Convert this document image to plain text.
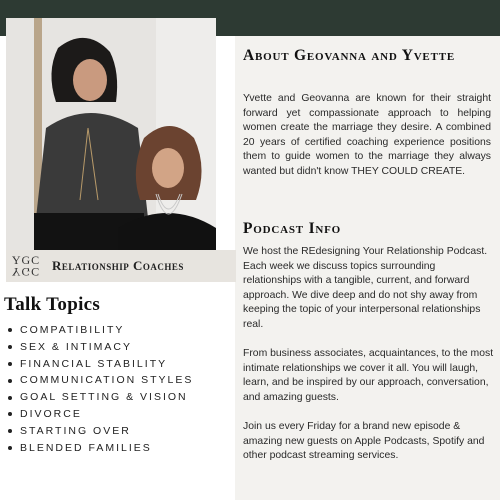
YGC
YGC Relationship Coaches
Talk Topics
COMPATIBILITY
SEX & INTIMACY
FINANCIAL STABILITY
COMMUNICATION STYLES
GOAL SETTING & VISION
DIVORCE
STARTING OVER
BLENDED FAMILIES
About Geovanna and Yvette

Yvette and Geovanna are known for their straight forward yet compassionate approach to helping women create the marriage they desire. A combined 20 years of certified coaching experience positions them to guide women to the marriage they always wanted but didn't know THEY COULD CREATE.

Podcast Info

We host the REdesigning Your Relationship Podcast. Each week we discuss topics surrounding relationships with a tangible, current, and forward approach. We dive deep and do not shy away from keeping the topic of your interpersonal relationships real.

From business associates, acquaintances, to the most intimate relationships we cover it all. You will laugh, learn, and be inspired by our approach, conversation, and amazing guests.

Join us every Friday for a brand new episode & amazing new guests on Apple Podcasts, Spotify and other podcast streaming services.
